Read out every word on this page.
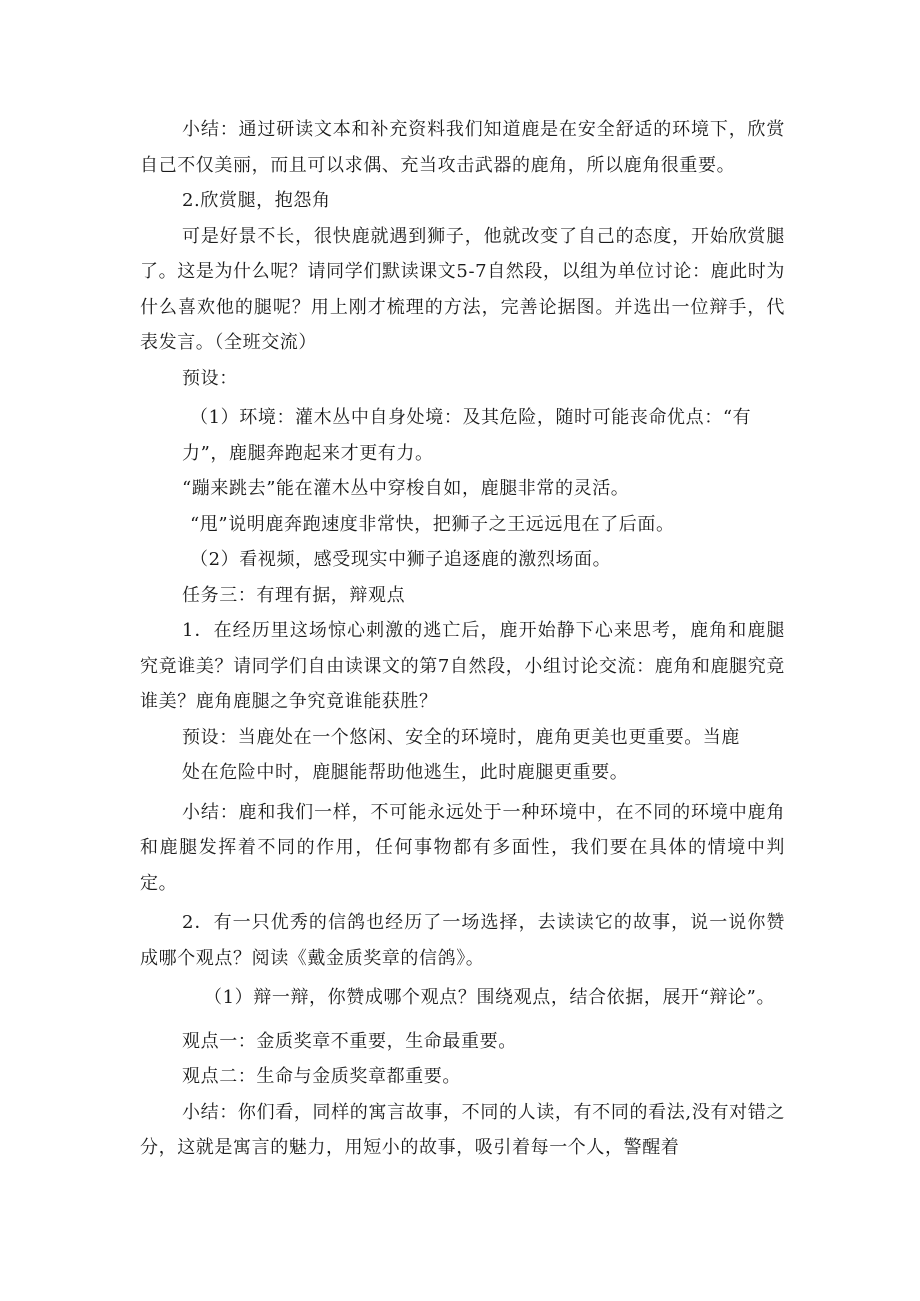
小结：通过研读文本和补充资料我们知道鹿是在安全舒适的环境下，欣赏自己不仅美丽，而且可以求偶、充当攻击武器的鹿角，所以鹿角很重要。

2.欣赏腿，抱怨角

可是好景不长，很快鹿就遇到狮子，他就改变了自己的态度，开始欣赏腿了。这是为什么呢？请同学们默读课文5-7自然段，以组为单位讨论：鹿此时为什么喜欢他的腿呢？用上刚才梳理的方法，完善论据图。并选出一位辩手，代表发言。（全班交流）

预设：

（1）环境：灌木丛中自身处境：及其危险，随时可能丧命优点：“有

力”，鹿腿奔跑起来才更有力。

“蹦来跳去”能在灌木丛中穿梭自如，鹿腿非常的灵活。

“甩”说明鹿奔跑速度非常快，把狮子之王远远甩在了后面。

（2）看视频，感受现实中狮子追逐鹿的激烈场面。

任务三：有理有据，辩观点

1．在经历里这场惊心刺激的逃亡后，鹿开始静下心来思考，鹿角和鹿腿究竟谁美？请同学们自由读课文的第7自然段，小组讨论交流：鹿角和鹿腿究竟谁美？鹿角鹿腿之争究竟谁能获胜？

预设：当鹿处在一个悠闲、安全的环境时，鹿角更美也更重要。当鹿

处在危险中时，鹿腿能帮助他逃生，此时鹿腿更重要。

小结：鹿和我们一样，不可能永远处于一种环境中，在不同的环境中鹿角和鹿腿发挥着不同的作用，任何事物都有多面性，我们要在具体的情境中判定。

2．有一只优秀的信鸽也经历了一场选择，去读读它的故事，说一说你赞成哪个观点？阅读《戴金质奖章的信鸽》。

（1）辩一辩，你赞成哪个观点？围绕观点，结合依据，展开“辩论”。

观点一：金质奖章不重要，生命最重要。

观点二：生命与金质奖章都重要。

小结：你们看，同样的寓言故事，不同的人读，有不同的看法,没有对错之分，这就是寓言的魅力，用短小的故事，吸引着每一个人，警醒着
